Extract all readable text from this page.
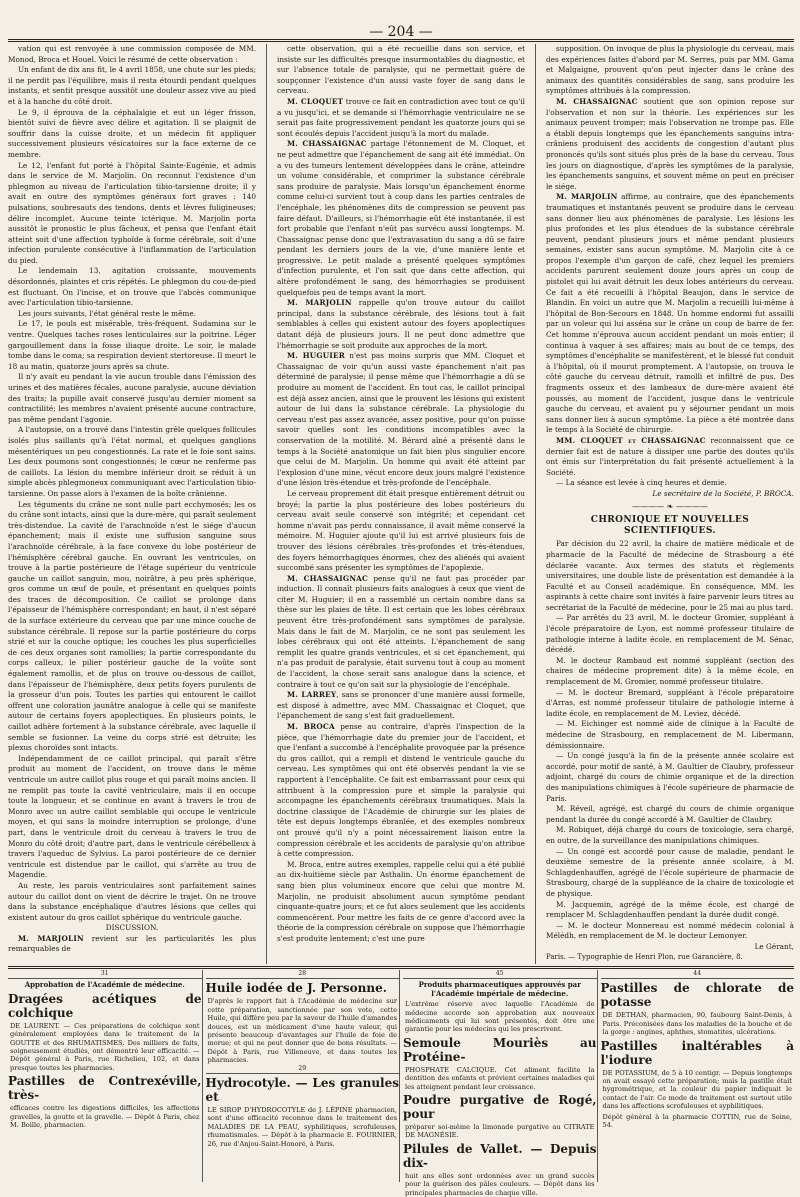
— 204 —

vation qui est renvoyée à une commission composée de MM. Monod, Broca et Houel. Voici le résumé de cette observation :

Un enfant de dix ans fit, le 4 avril 1858, une chute sur les pieds; il ne perdit pas l'équilibre, mais il resta étourdi pendant quelques instants, et sentit presque aussitôt une douleur assez vive au pied et à la hanche du côté droit.

Le 9, il éprouva de la céphalalgie et eut un léger frisson, bientôt suivi de fièvre avec délire et agitation. Il se plaignit de souffrir dans la cuisse droite, et un médecin fit appliquer successivement plusieurs vésicatoires sur la face externe de ce membre.

Le 12, l'enfant fut porté à l'hôpital Sainte-Eugénie, et admis dans le service de M. Marjolin. On reconnut l'existence d'un phlegmon au niveau de l'articulation tibio-tarsienne droite; il y avait en outre des symptômes généraux fort graves : 140 pulsations, soubresauts des tendons, dents et lèvres fuligineuses; délire incomplet. Aucune teinte ictérique. M. Marjolin porta aussitôt le pronostic le plus fâcheux, et pensa que l'enfant était atteint soit d'une affection typhoïde à forme cérébrale, soit d'une infection purulente consécutive à l'inflammation de l'articulation du pied.

Le lendemain 13, agitation croissante, mouvements désordonnés, plaintes et cris répétés. Le phlegmon du cou-de-pied est fluctuant. On l'incise, et on trouve que l'abcès communique avec l'articulation tibio-tarsienne.

Les jours suivants, l'état général reste le même.

Le 17, le pouls est misérable, très-fréquent. Sudamina sur le ventre. Quelques taches roses lenticulaires sur la poitrine. Léger gargouillement dans la fosse iliaque droite. Le soir, le malade tombe dans le coma; sa respiration devient stertoreuse. Il meurt le 18 au matin, quatorze jours après sa chute.

Il n'y avait eu pendant la vie aucun trouble dans l'émission des urines et des matières fécales, aucune paralysie, aucune déviation des traits; la pupille avait conservé jusqu'au dernier moment sa contractilité; les membres n'avaient présenté aucune contracture, pas même pendant l'agonie.

A l'autopsie, on a trouvé dans l'intestin grêle quelques follicules isolés plus saillants qu'à l'état normal, et quelques ganglions mésentériques un peu congestionnés. La rate et le foie sont sains. Les deux poumons sont congestionnés; le cœur ne renferme pas de caillots. La lésion du membre inférieur droit se réduit à un simple abcès phlegmoneux communiquant avec l'articulation tibio-tarsienne. On passe alors à l'examen de la boîte crânienne.

Les téguments du crâne ne sont nulle part ecchymosés; les os du crâne sont intacts, ainsi que la dure-mère, qui paraît seulement très-distendue. La cavité de l'arachnoïde n'est le siége d'aucun épanchement; mais il existe une suffusion sanguine sous l'arachnoïde cérébrale, à la face convexe du lobe postérieur de l'hémisphère cérébral gauche. En ouvrant les ventricules, on trouve à la partie postérieure de l'étage supérieur du ventricule gauche un caillot sanguin, mou, noirâtre, à peu près sphérique, gros comme un œuf de poule, et présentant en quelques points des traces de décomposition. Ce caillot se prolonge dans l'épaisseur de l'hémisphère correspondant; en haut, il n'est séparé de la surface extérieure du cerveau que par une mince couche de substance cérébrale. Il repose sur la partie postérieure du corps strié et sur la couche optique; les couches les plus superficielles de ces deux organes sont ramollies; la partie correspondante du corps calleux, le pilier postérieur gauche de la voûte sont également ramollis, et de plus on trouve ou-dessous de caillot, dans l'épaisseur de l'hémisphère, deux petits foyers purulents de la grosseur d'un pois. Toutes les parties qui entourent le caillot offrent une coloration jaunâtre analogue à celle qui se manifeste autour de certains foyers apoplectiques. En plusieurs points, le caillot adhère fortement à la substance cérébrale, avec laquelle il semble se fusionner. La veine du corps strié est détruite; les plexus choroïdes sont intacts.

Indépendamment de ce caillot principal, qui paraît s'être produit au moment de l'accident, on trouve dans le même ventricule un autre caillot plus rouge et qui paraît moins ancien. Il ne remplit pas toute la cavité ventriculaire, mais il en occupe toute la longueur, et se continue en avant à travers le trou de Monro avec un autre caillot semblable qui occupe le ventricule moyen, et qui sans la moindre interruption se prolonge, d'une part, dans le ventricule droit du cerveau à travers le trou de Monro du côté droit; d'autre part, dans le ventricule cérébelleux à travers l'aqueduc de Sylvius. La paroi postérieure de ce dernier ventricule est distendue par le caillot, qui s'arrête au trou de Magendie.

Au reste, les parois ventriculaires sont parfaitement saines autour du caillot dont on vient de décrire le trajet. On ne trouve dans la substance encéphalique d'autres lésions que celles qui existent autour du gros caillot sphérique du ventricule gauche.

DISCUSSION.

M. MARJOLIN revient sur les particularités les plus remarquables de

cette observation, qui a été recueillie dans son service, et insiste sur les difficultés presque insurmontables du diagnostic, et sur l'absence totale de paralysie, qui ne permettait guère de soupçonner l'existence d'un aussi vaste foyer de sang dans le cerveau.

M. CLOQUET trouve ce fait en contradiction avec tout ce qu'il a vu jusqu'ici, et se demande si l'hémorrhagie ventriculaire ne se serait pas faite progressivement pendant les quatorze jours qui se sont écoulés depuis l'accident jusqu'à la mort du malade.

M. CHASSAIGNAC partage l'étonnement de M. Cloquet, et ne peut admettre que l'épanchement de sang ait été immédiat. On a vu des tumeurs lentement développées dans le crâne, atteindre un volume considérable, et comprimer la substance cérébrale sans produire de paralysie. Mais lorsqu'un épanchement énorme comme celui-ci survient tout à coup dans les parties centrales de l'encéphale, les phénomènes dits de compression se peuvent pas faire défaut. D'ailleurs, si l'hémorrhagie eût été instantanée, il est fort probable que l'enfant n'eût pas survécu aussi longtemps. M. Chassaignac pense donc que l'extravasation du sang a dû se faire pendant les derniers jours de la vie, d'une manière lente et progressive. Le petit malade a présenté quelques symptômes d'infection purulente, et l'on sait que dans cette affection, qui altère profondément le sang, des hémorrhagies se produisent quelquefois peu de temps avant la mort.

M. MARJOLIN rappelle qu'on trouve autour du caillot principal, dans la substance cérébrale, des lésions tout à fait semblables à celles qui existent autour des foyers apoplectiques datant déjà de plusieurs jours. Il ne peut donc admettre que l'hémorrhagie se soit produite aux approches de la mort.

M. HUGUIER n'est pas moins surpris que MM. Cloquet et Chassaignac de voir qu'un aussi vaste épanchement n'ait pas déterminé de paralysie; il pense même que l'hémorrhagie a dû se produire au moment de l'accident. En tout cas, le caillot principal est déjà assez ancien, ainsi que le prouvent les lésions qui existent autour de lui dans la substance cérébrale. La physiologie du cerveau n'est pas assez avancée, assez positive, pour qu'on puisse savoir quelles sont les conditions incompatibles avec la conservation de la motilité. M. Bérard aîné a présenté dans le temps à la Société anatomique un fait bien plus singulier encore que celui de M. Marjolin. Un homme qui avait été atteint par l'explosion d'une mine, vécut encore deux jours malgré l'existence d'une lésion très-étendue et très-profonde de l'encéphale.

Le cerveau proprement dit était presque entièrement détruit ou broyé; la partie la plus postérieure des lobes postérieurs du cerveau avait seule conservé son intégrité; et cependant cet homme n'avait pas perdu connaissance, il avait même conservé la mémoire. M. Huguier ajoute qu'il lui est arrivé plusieurs fois de trouver des lésions cérébrales très-profondes et très-étendues, des foyers hémorrhagiques énormes, chez des aliénés qui avaient succombé sans présenter les symptômes de l'apoplexie.

M. CHASSAIGNAC pense qu'il ne faut pas procéder par induction. Il connaît plusieurs faits analogues à ceux que vient de citer M. Huguier; il en a rassemblé un certain nombre dans sa thèse sur les plaies de tête. Il est certain que les lobes cérébraux peuvent être très-profondément sans symptômes de paralysie. Mais dans le fait de M. Marjolin, ce ne sont pas seulement les lobes cérébraux qui ont été atteints. L'épanchement de sang remplit les quatre grands ventricules, et si cet épanchement, qui n'a pas produit de paralysie, était survenu tout à coup au moment de l'accident, la chose serait sans analogue dans la science, et contraire à tout ce qu'on sait sur la physiologie de l'encéphale.

M. LARREY, sans se prononcer d'une manière aussi formelle, est disposé à admettre, avec MM. Chassaignac et Cloquet, que l'épanchement de sang s'est fait graduellement.

M. BROCA pense au contraire, d'après l'inspection de la pièce, que l'hémorrhagie date du premier jour de l'accident, et que l'enfant a succombé à l'encéphalite provoquée par la présence du gros caillot, qui a rempli et distend le ventricule gauche du cerveau. Les symptômes qui ont été observés pendant la vie se rapportent à l'encéphalite. Ce fait est embarrassant pour ceux qui attribuent à la compression pure et simple la paralysie qui accompagne les épanchements cérébraux traumatiques. Mais la doctrine classique de l'Académie de chirurgie sur les plaies de tête est depuis longtemps ébranlée, et des exemples nombreux ont prouvé qu'il n'y a point nécessairement liaison entre la compression cérébrale et les accidents de paralysie qu'on attribue à cette compression.

M. Broca, entre autres exemples, rappelle celui qui a été publié au dix-huitième siècle par Asthalin. Un énorme épanchement de sang bien plus volumineux encore que celui que montre M. Marjolin, ne produisit absolument aucun symptôme pendant cinquante-quatre jours; et ce fut alors seulement que les accidents commencèrent. Pour mettre les faits de ce genre d'accord avec la théorie de la compression cérébrale on suppose que l'hémorrhagie s'est produite lentement; c'est une pure

supposition. On invoque de plus la physiologie du cerveau, mais des expériences faites d'abord par M. Serres, puis par MM. Gama et Malgaigne, prouvent qu'on peut injecter dans le crâne des animaux des quantités considérables de sang, sans produire les symptômes attribués à la compression.

M. CHASSAIGNAC soutient que son opinion repose sur l'observation et non sur la théorie. Les expériences sur les animaux peuvent tromper; mais l'observation ne trompe pas. Elle a établi depuis longtemps que les épanchements sanguins intra-crâniens produisent des accidents de congestion d'autant plus prononcés qu'ils sont situés plus près de la base du cerveau. Tous les jours on diagnostique, d'après les symptômes de la paralysie, les épanchements sanguins, et souvent même on peut en préciser le siége.

M. MARJOLIN affirme, au contraire, que des épanchements traumatiques et instantanés peuvent se produire dans le cerveau sans donner lieu aux phénomènes de paralysie. Les lésions les plus profondes et les plus étendues de la substance cérébrale peuvent, pendant plusieurs jours et même pendant plusieurs semaines, exister sans aucun symptôme. M. Marjolin cite à ce propos l'exemple d'un garçon de café, chez lequel les premiers accidents parurent seulement douze jours après un coup de pistolet qui lui avait détruit les deux lobes antérieurs du cerveau. Ce fait a été recueilli à l'hôpital Beaujon, dans le service de Blandin. En voici un autre que M. Marjolin a recueilli lui-même à l'hôpital de Bon-Secours en 1848. Un homme endormi fut assailli par un voleur qui lui asséna sur le crâne un coup de barre de fer. Cet homme n'éprouva aucun accident pendant un mois entier; il continua à vaquer à ses affaires; mais au bout de ce temps, des symptômes d'encéphalite se manifestèrent, et le blessé fut conduit à l'hôpital, où il mourut promptement. A l'autopsie, on trouva le côté gauche du cerveau détruit, ramolli et infiltré de pus. Des fragments osseux et des lambeaux de dure-mère avaient été poussés, au moment de l'accident, jusque dans le ventricule gauche du cerveau, et avaient pu y séjourner pendant un mois sans donner lieu à aucun symptôme. La pièce a été montrée dans le temps à la Société de chirurgie.

MM. CLOQUET et CHASSAIGNAC reconnaissent que ce dernier fait est de nature à dissiper une partie des doutes qu'ils ont émis sur l'interprétation du fait présenté actuellement à la Société.

— La séance est levée à cinq heures et demie.

Le secrétaire de la Société, P. BROCA.

———— ❧ ————
CHRONIQUE ET NOUVELLES SCIENTIFIQUES.

Par décision du 22 avril, la chaire de matière médicale et de pharmacie de la Faculté de médecine de Strasbourg a été déclarée vacante. Aux termes des statuts et règlements universitaires, une double liste de présentation est demandée à la Faculté et au Conseil académique. En conséquence, MM. les aspirants à cette chaire sont invités à faire parvenir leurs titres au secrétariat de la Faculté de médecine, pour le 25 mai au plus tard.

— Par arrêtés du 23 avril, M. le docteur Gromier, suppléant à l'école préparatoire de Lyon, est nommé professeur titulaire de pathologie interne à ladite école, en remplacement de M. Sénac, décédé.

M. le docteur Rambaud est nommé suppléant (section des chaires de médecine proprement dite) à la même école, en remplacement de M. Gromier, nommé professeur titulaire.

— M. le docteur Bremard, suppléant à l'école préparatoire d'Arras, est nommé professeur titulaire de pathologie interne à ladite école, en remplacement de M. Leviez, décédé.

— M. Eichinger est nommé aide de clinique à la Faculté de médecine de Strasbourg, en remplacement de M. Libermann, démissionnaire.

— Un congé jusqu'à la fin de la présente année scolaire est accordé, pour motif de santé, à M. Gaultier de Claubry, professeur adjoint, chargé du cours de chimie organique et de la direction des manipulations chimiques à l'école supérieure de pharmacie de Paris.

M. Réveil, agrégé, est chargé du cours de chimie organique pendant la durée du congé accordé à M. Gaultier de Claubry.

M. Robiquet, déjà chargé du cours de toxicologie, sera chargé, en outre, de la surveillance des manipulations chimiques.

— Un congé est accordé pour cause de maladie, pendant le deuxième semestre de la présente année scolaire, à M. Schlagdenhauffen, agrégé de l'école supérieure de pharmacie de Strasbourg, chargé de la suppléance de la chaire de toxicologie et de physique.

M. Jacquemin, agrégé de la même école, est chargé de remplacer M. Schlagdenhauffen pendant la durée dudit congé.

— M. le docteur Monnereau est nommé médecin colonial à Mélédh, en remplacement de M. le docteur Lemonyer.

Le Gérant,

Paris. — Typographie de Henri Plon, rue Garancière, 8.

31
Approbation de l'Académie de médecine.
Dragées acétiques de colchique

DE LAURENT. — Ces préparations de colchique sont généralement employées dans le traitement de la GOUTTE et des RHUMATISMES. Des milliers de faits, soigneusement étudiés, ont démontré leur efficacité. — Dépôt général à Paris, rue Richelieu, 102, et dans presque toutes les pharmacies.

Pastilles de Contrexéville, très-

efficaces contre les digestions difficiles, les affections gravelles, la goutte et la gravelle. — Dépôt à Paris, chez M. Boille, pharmacien.

28
Huile iodée de J. Personne.

D'après le rapport fait à l'Académie de médecine sur cette préparation, sanctionnée par son vote, cette Huile, qui diffère peu par la saveur de l'huile d'amandes douces, est un médicament d'une haute valeur, qui présente beaucoup d'avantages sur l'huile de foie de morue; et qui ne peut donner que de bons résultats. — Dépôt à Paris, rue Villeneuve, et dans toutes les pharmacies.

29
Hydrocotyle. — Les granules et

LE SIROP D'HYDROCOTYLE de J. LÉPINE pharmacien, sont d'une efficacité reconnue dans le traitement des MALADIES DE LA PEAU, syphilitiques, scrofuleuses, rhumatismales. — Dépôt à la pharmacie E. FOURNIER, 26, rue d'Anjou-Saint-Honoré, à Paris.

45
Produits pharmaceutiques approuvés par l'Académie impériale de médecine.

L'extrême réserve avec laquelle l'Académie de médecine accorde son approbation aux nouveaux médicaments qui lui sont présentés, doit être une garantie pour les médecins qui les prescrivent.

Semoule Mouriès au Protéine-

PHOSPHATE CALCIQUE. Cet aliment facilite la dentition des enfants et prévient certaines maladies qui les atteignent pendant leur croissance.

Poudre purgative de Rogé, pour

préparer soi-même la limonade purgative au CITRATE DE MAGNÉSIE.

Pilules de Vallet. — Depuis dix-

huit ans elles sont ordonnées avec un grand succès pour la guérison des pâles couleurs. — Dépôt dans les principales pharmacies de chaque ville.

44
Pastilles de chlorate de potasse

DE DETHAN, pharmacien, 90, faubourg Saint-Denis, à Paris. Préconisées dans les maladies de la bouche et de la gorge : angines, aphthes, stomatites, ulcérations.

Pastilles inaltérables à l'iodure

DE POTASSIUM, de 5 à 10 centigr. — Depuis longtemps on avait essayé cette préparation; mais la pastille était hygrométrique, et la couleur du papier indiquait le contact de l'air. Ce mode de traitement est surtout utile dans les affections scrofuleuses et syphilitiques.

Dépôt général à la pharmacie COTTIN, rue de Seine, 54.
